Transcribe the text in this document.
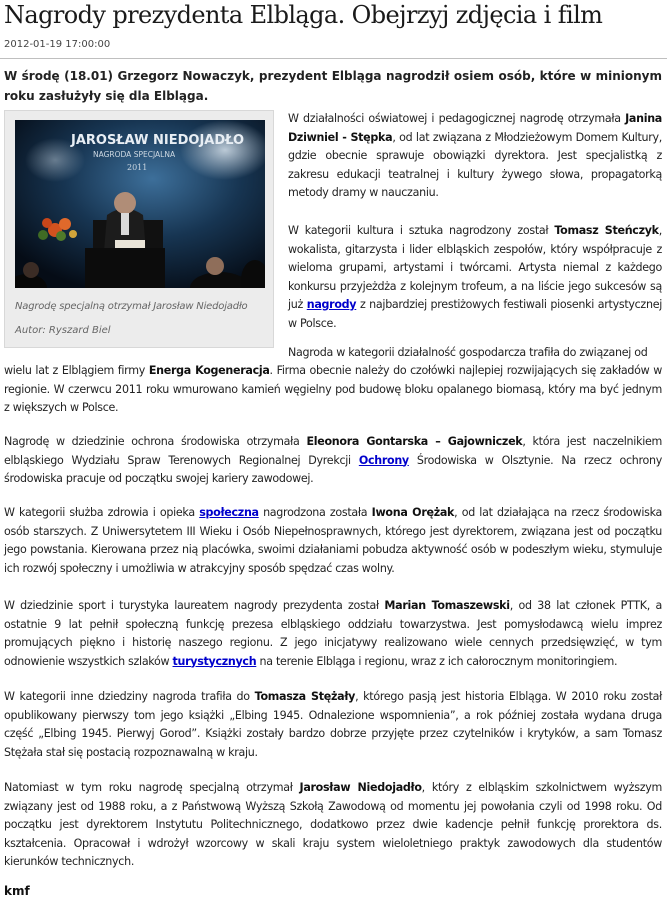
Nagrody prezydenta Elbląga. Obejrzyj zdjęcia i film
2012-01-19 17:00:00
W środę (18.01) Grzegorz Nowaczyk, prezydent Elbląga nagrodził osiem osób, które w minionym roku zasłużyły się dla Elbląga.
JAROSŁAW NIEDOJADŁO
NAGRODA SPECJALNA
2011
Nagrodę specjalną otrzymał Jarosław Niedojadło
Autor: Ryszard Biel

W działalności oświatowej i pedagogicznej nagrodę otrzymała Janina Dziwniel - Stępka, od lat związana z Młodzieżowym Domem Kultury, gdzie obecnie sprawuje obowiązki dyrektora. Jest specjalistką z zakresu edukacji teatralnej i kultury żywego słowa, propagatorką metody dramy w nauczaniu.

W kategorii kultura i sztuka nagrodzony został Tomasz Steńczyk, wokalista, gitarzysta i lider elbląskich zespołów, który współpracuje z wieloma grupami, artystami i twórcami. Artysta niemal z każdego konkursu przyjeżdża z kolejnym trofeum, a na liście jego sukcesów są już nagrody z najbardziej prestiżowych festiwali piosenki artystycznej w Polsce.

Nagroda w kategorii działalność gospodarcza trafiła do związanej od

wielu lat z Elblągiem firmy Energa Kogeneracja. Firma obecnie należy do czołówki najlepiej rozwijających się zakładów w regionie. W czerwcu 2011 roku wmurowano kamień węgielny pod budowę bloku opalanego biomasą, który ma być jednym z większych w Polsce.

Nagrodę w dziedzinie ochrona środowiska otrzymała Eleonora Gontarska – Gajowniczek, która jest naczelnikiem elbląskiego Wydziału Spraw Terenowych Regionalnej Dyrekcji Ochrony Środowiska w Olsztynie. Na rzecz ochrony środowiska pracuje od początku swojej kariery zawodowej.

W kategorii służba zdrowia i opieka społeczna nagrodzona została Iwona Orężak, od lat działająca na rzecz środowiska osób starszych. Z Uniwersytetem III Wieku i Osób Niepełnosprawnych, którego jest dyrektorem, związana jest od początku jego powstania. Kierowana przez nią placówka, swoimi działaniami pobudza aktywność osób w podeszłym wieku, stymuluje ich rozwój społeczny i umożliwia w atrakcyjny sposób spędzać czas wolny.

W dziedzinie sport i turystyka laureatem nagrody prezydenta został Marian Tomaszewski, od 38 lat członek PTTK, a ostatnie 9 lat pełnił społeczną funkcję prezesa elbląskiego oddziału towarzystwa. Jest pomysłodawcą wielu imprez promujących piękno i historię naszego regionu. Z jego inicjatywy realizowano wiele cennych przedsięwzięć, w tym odnowienie wszystkich szlaków turystycznych na terenie Elbląga i regionu, wraz z ich całorocznym monitoringiem.

W kategorii inne dziedziny nagroda trafiła do Tomasza Stężały, którego pasją jest historia Elbląga. W 2010 roku został opublikowany pierwszy tom jego książki „Elbing 1945. Odnalezione wspomnienia”, a rok później została wydana druga część „Elbing 1945. Pierwyj Gorod”. Książki zostały bardzo dobrze przyjęte przez czytelników i krytyków, a sam Tomasz Stężała stał się postacią rozpoznawalną w kraju.

Natomiast w tym roku nagrodę specjalną otrzymał Jarosław Niedojadło, który z elbląskim szkolnictwem wyższym związany jest od 1988 roku, a z Państwową Wyższą Szkołą Zawodową od momentu jej powołania czyli od 1998 roku. Od początku jest dyrektorem Instytutu Politechnicznego, dodatkowo przez dwie kadencje pełnił funkcję prorektora ds. kształcenia. Opracował i wdrożył wzorcowy w skali kraju system wieloletniego praktyk zawodowych dla studentów kierunków technicznych.

kmf
